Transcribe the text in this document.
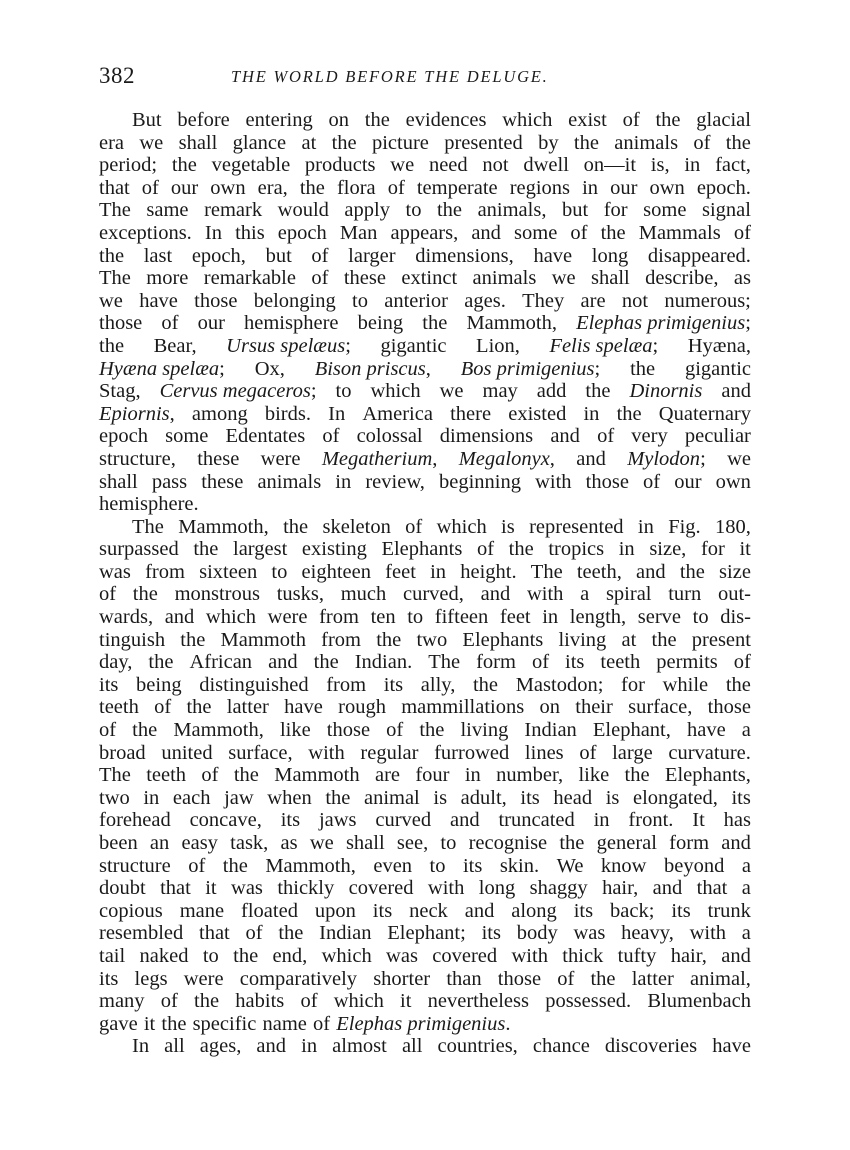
382	THE WORLD BEFORE THE DELUGE.
But before entering on the evidences which exist of the glacial
era we shall glance at the picture presented by the animals of the
period; the vegetable products we need not dwell on—it is, in fact,
that of our own era, the flora of temperate regions in our own epoch.
The same remark would apply to the animals, but for some signal
exceptions. In this epoch Man appears, and some of the Mammals of
the last epoch, but of larger dimensions, have long disappeared.
The more remarkable of these extinct animals we shall describe, as
we have those belonging to anterior ages. They are not numerous;
those of our hemisphere being the Mammoth, Elephas primigenius;
the Bear, Ursus spelæus; gigantic Lion, Felis spelæa; Hyæna,
Hyæna spelæa; Ox, Bison priscus, Bos primigenius; the gigantic
Stag, Cervus megaceros; to which we may add the Dinornis and
Epiornis, among birds. In America there existed in the Quaternary
epoch some Edentates of colossal dimensions and of very peculiar
structure, these were Megatherium, Megalonyx, and Mylodon; we
shall pass these animals in review, beginning with those of our own
hemisphere.
The Mammoth, the skeleton of which is represented in Fig. 180,
surpassed the largest existing Elephants of the tropics in size, for it
was from sixteen to eighteen feet in height. The teeth, and the size
of the monstrous tusks, much curved, and with a spiral turn out-
wards, and which were from ten to fifteen feet in length, serve to dis-
tinguish the Mammoth from the two Elephants living at the present
day, the African and the Indian. The form of its teeth permits of
its being distinguished from its ally, the Mastodon; for while the
teeth of the latter have rough mammillations on their surface, those
of the Mammoth, like those of the living Indian Elephant, have a
broad united surface, with regular furrowed lines of large curvature.
The teeth of the Mammoth are four in number, like the Elephants,
two in each jaw when the animal is adult, its head is elongated, its
forehead concave, its jaws curved and truncated in front. It has
been an easy task, as we shall see, to recognise the general form and
structure of the Mammoth, even to its skin. We know beyond a
doubt that it was thickly covered with long shaggy hair, and that a
copious mane floated upon its neck and along its back; its trunk
resembled that of the Indian Elephant; its body was heavy, with a
tail naked to the end, which was covered with thick tufty hair, and
its legs were comparatively shorter than those of the latter animal,
many of the habits of which it nevertheless possessed. Blumenbach
gave it the specific name of Elephas primigenius.
In all ages, and in almost all countries, chance discoveries have
